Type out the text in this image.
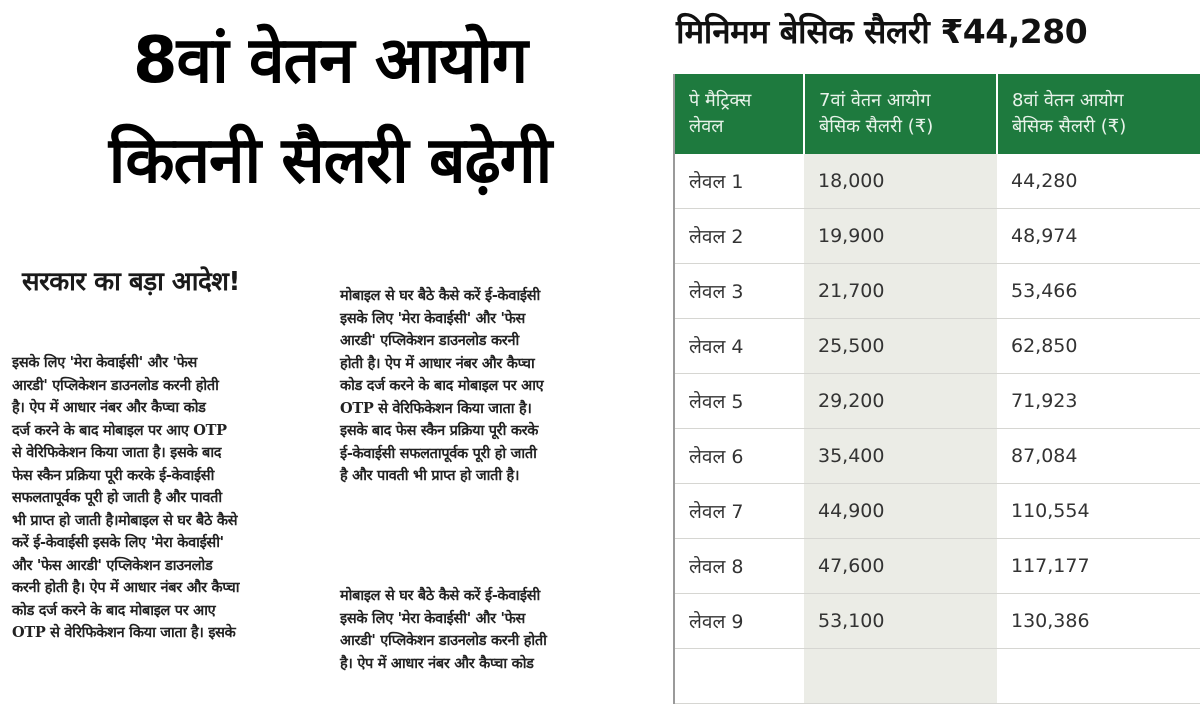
8वां वेतन आयोग
कितनी सैलरी बढ़ेगी
सरकार का बड़ा आदेश!

इसके लिए 'मेरा केवाईसी' और 'फेस

आरडी' एप्लिकेशन डाउनलोड करनी होती

है। ऐप में आधार नंबर और कैप्चा कोड

दर्ज करने के बाद मोबाइल पर आए OTP

से वेरिफिकेशन किया जाता है। इसके बाद

फेस स्कैन प्रक्रिया पूरी करके ई-केवाईसी

सफलतापूर्वक पूरी हो जाती है और पावती

भी प्राप्त हो जाती है।मोबाइल से घर बैठे कैसे

करें ई-केवाईसी इसके लिए 'मेरा केवाईसी'

और 'फेस आरडी' एप्लिकेशन डाउनलोड

करनी होती है। ऐप में आधार नंबर और कैप्चा

कोड दर्ज करने के बाद मोबाइल पर आए

OTP से वेरिफिकेशन किया जाता है। इसके

मोबाइल से घर बैठे कैसे करें ई-केवाईसी

इसके लिए 'मेरा केवाईसी' और 'फेस

आरडी' एप्लिकेशन डाउनलोड करनी

होती है। ऐप में आधार नंबर और कैप्चा

कोड दर्ज करने के बाद मोबाइल पर आए

OTP से वेरिफिकेशन किया जाता है।

इसके बाद फेस स्कैन प्रक्रिया पूरी करके

ई-केवाईसी सफलतापूर्वक पूरी हो जाती

है और पावती भी प्राप्त हो जाती है।

मोबाइल से घर बैठे कैसे करें ई-केवाईसी

इसके लिए 'मेरा केवाईसी' और 'फेस

आरडी' एप्लिकेशन डाउनलोड करनी होती

है। ऐप में आधार नंबर और कैप्चा कोड

मिनिमम बेसिक सैलरी ₹44,280
पे मैट्रिक्स
लेवल

7वां वेतन आयोग
बेसिक सैलरी (₹)

8वां वेतन आयोग
बेसिक सैलरी (₹)

लेवल 1	18,000	44,280
लेवल 2	19,900	48,974
लेवल 3	21,700	53,466
लेवल 4	25,500	62,850
लेवल 5	29,200	71,923
लेवल 6	35,400	87,084
लेवल 7	44,900	110,554
लेवल 8	47,600	117,177
लेवल 9	53,100	130,386
